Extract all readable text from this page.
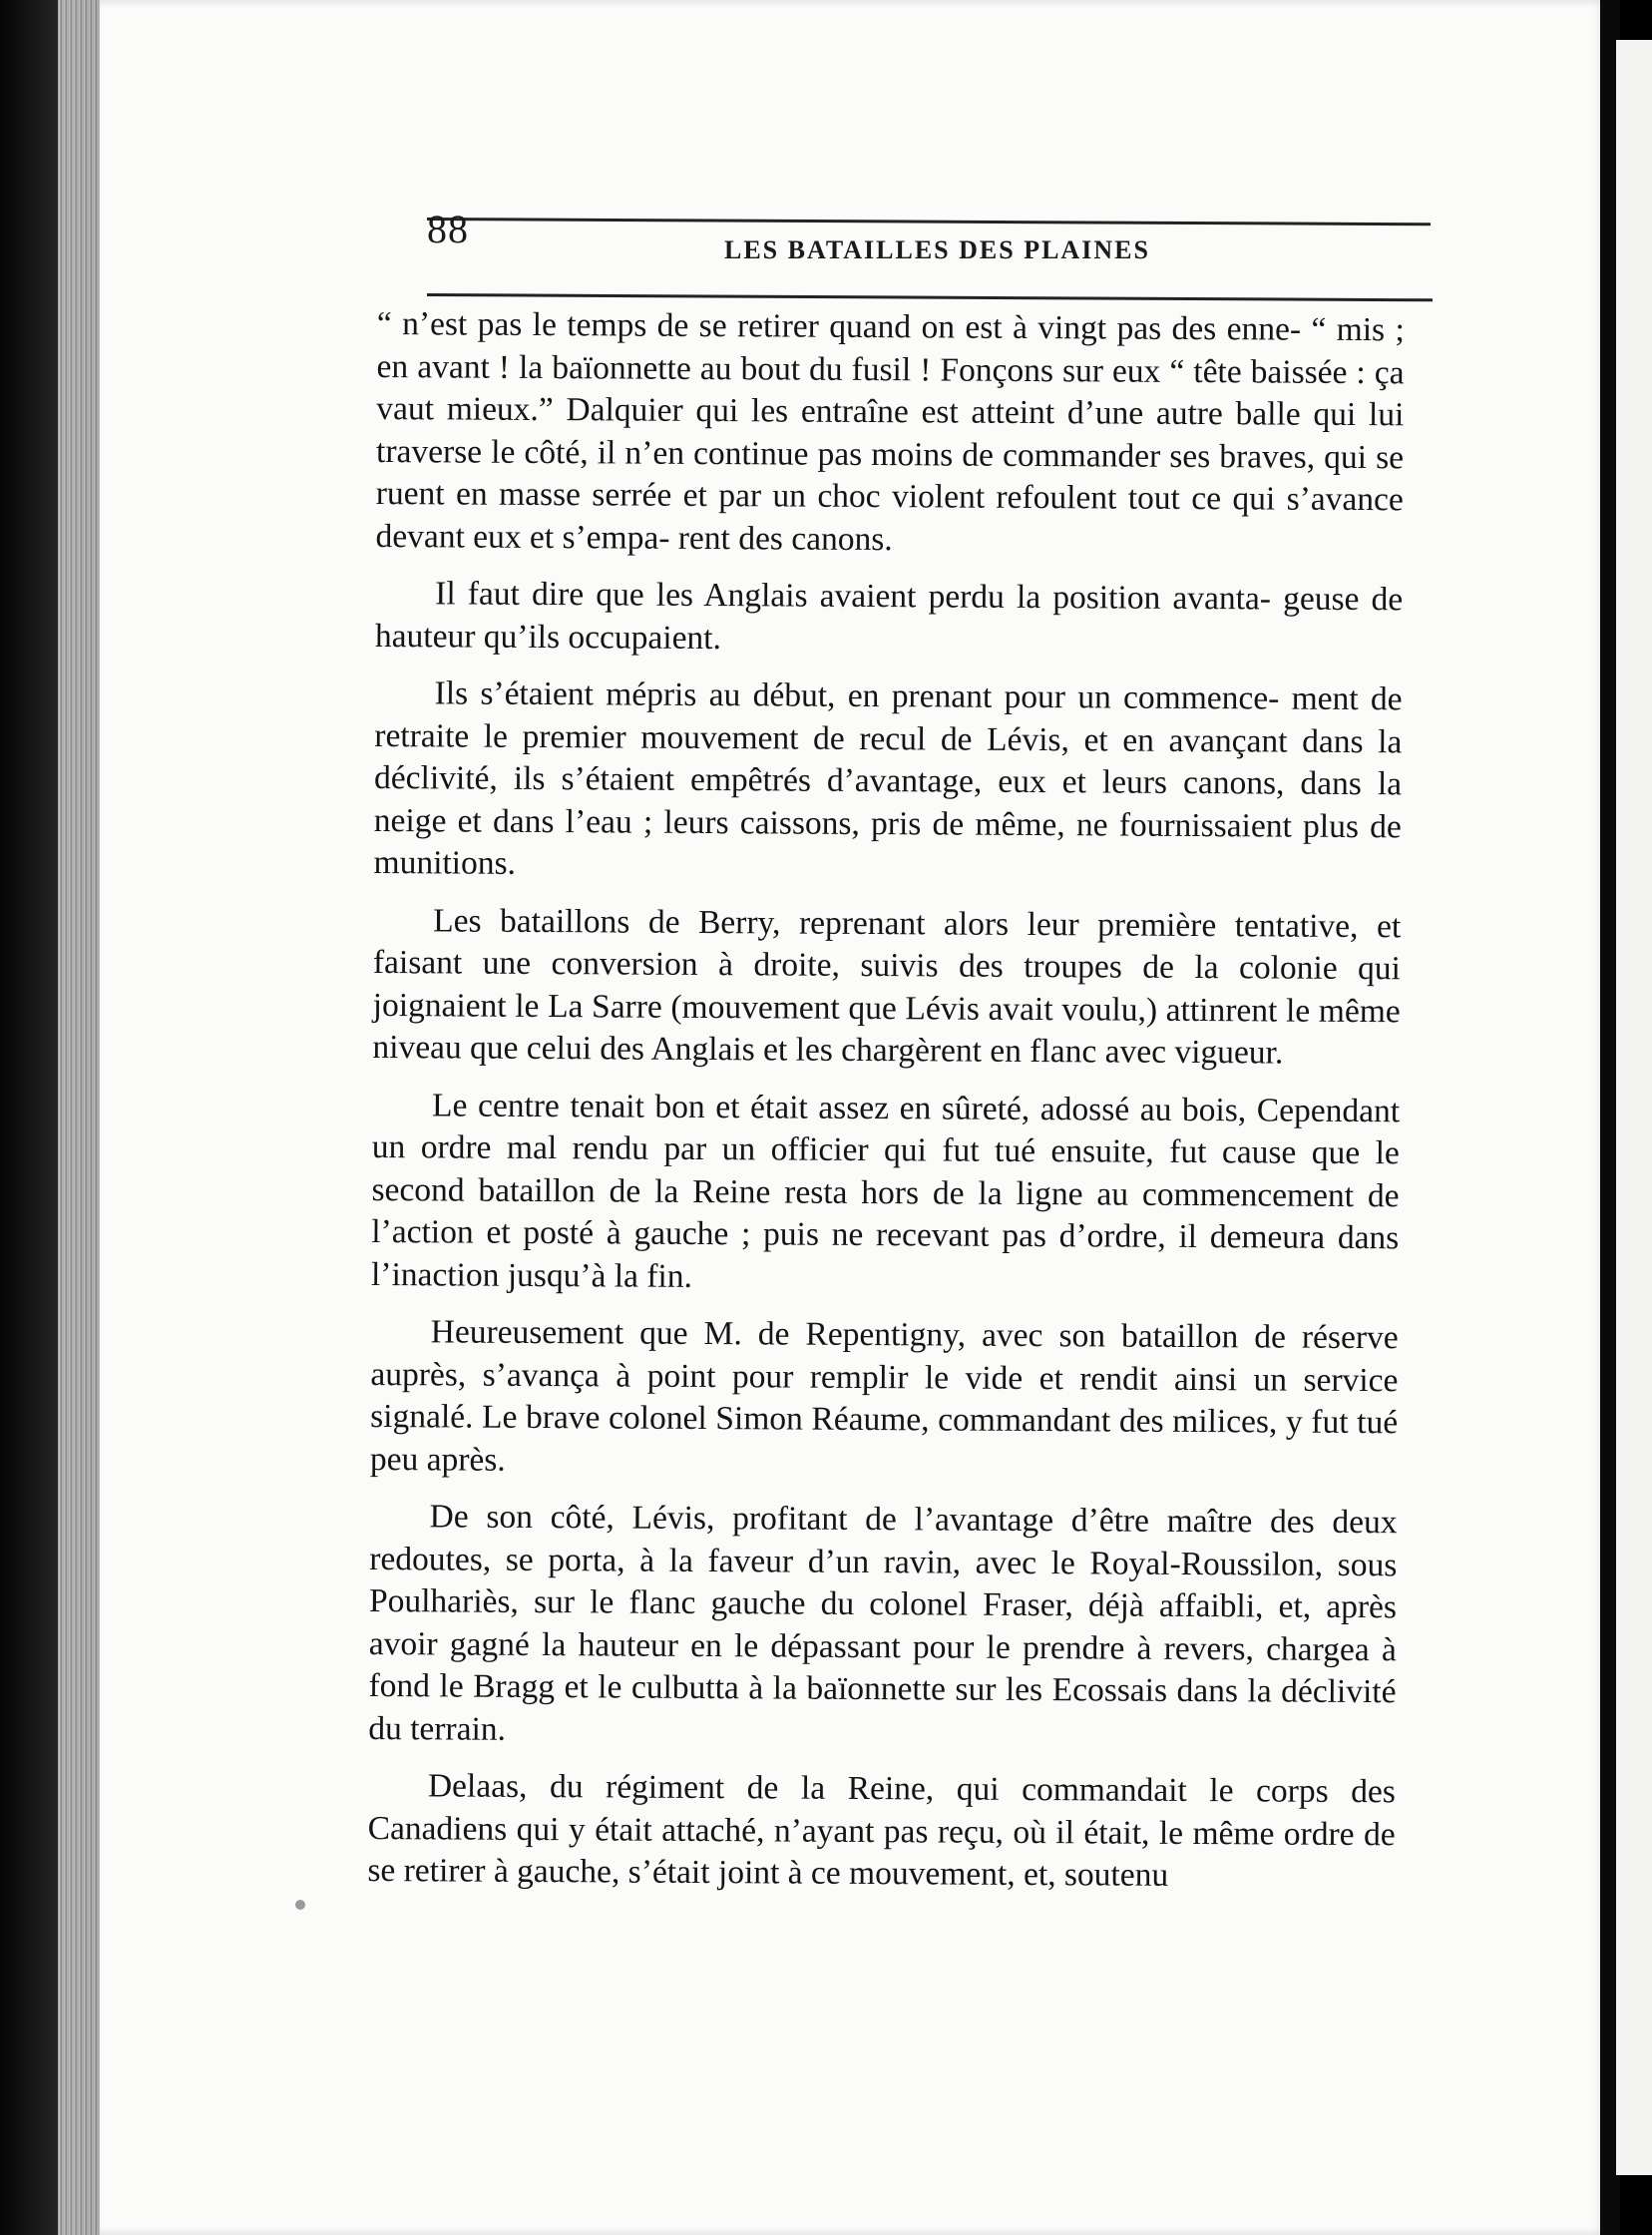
88	LES BATAILLES DES PLAINES

“ n’est pas le temps de se retirer quand on est à vingt pas des enne- “ mis ; en avant ! la baïonnette au bout du fusil ! Fonçons sur eux “ tête baissée : ça vaut mieux.” Dalquier qui les entraîne est atteint d’une autre balle qui lui traverse le côté, il n’en continue pas moins de commander ses braves, qui se ruent en masse serrée et par un choc violent refoulent tout ce qui s’avance devant eux et s’empa- rent des canons.

Il faut dire que les Anglais avaient perdu la position avanta- geuse de hauteur qu’ils occupaient.

Ils s’étaient mépris au début, en prenant pour un commence- ment de retraite le premier mouvement de recul de Lévis, et en avançant dans la déclivité, ils s’étaient empêtrés d’avantage, eux et leurs canons, dans la neige et dans l’eau ; leurs caissons, pris de même, ne fournissaient plus de munitions.

Les bataillons de Berry, reprenant alors leur première tentative, et faisant une conversion à droite, suivis des troupes de la colonie qui joignaient le La Sarre (mouvement que Lévis avait voulu,) attinrent le même niveau que celui des Anglais et les chargèrent en flanc avec vigueur.

Le centre tenait bon et était assez en sûreté, adossé au bois, Cependant un ordre mal rendu par un officier qui fut tué ensuite, fut cause que le second bataillon de la Reine resta hors de la ligne au commencement de l’action et posté à gauche ; puis ne recevant pas d’ordre, il demeura dans l’inaction jusqu’à la fin.

Heureusement que M. de Repentigny, avec son bataillon de réserve auprès, s’avança à point pour remplir le vide et rendit ainsi un service signalé. Le brave colonel Simon Réaume, commandant des milices, y fut tué peu après.

De son côté, Lévis, profitant de l’avantage d’être maître des deux redoutes, se porta, à la faveur d’un ravin, avec le Royal-Roussilon, sous Poulhariès, sur le flanc gauche du colonel Fraser, déjà affaibli, et, après avoir gagné la hauteur en le dépassant pour le prendre à revers, chargea à fond le Bragg et le culbutta à la baïonnette sur les Ecossais dans la déclivité du terrain.

Delaas, du régiment de la Reine, qui commandait le corps des Canadiens qui y était attaché, n’ayant pas reçu, où il était, le même ordre de se retirer à gauche, s’était joint à ce mouvement, et, soutenu
